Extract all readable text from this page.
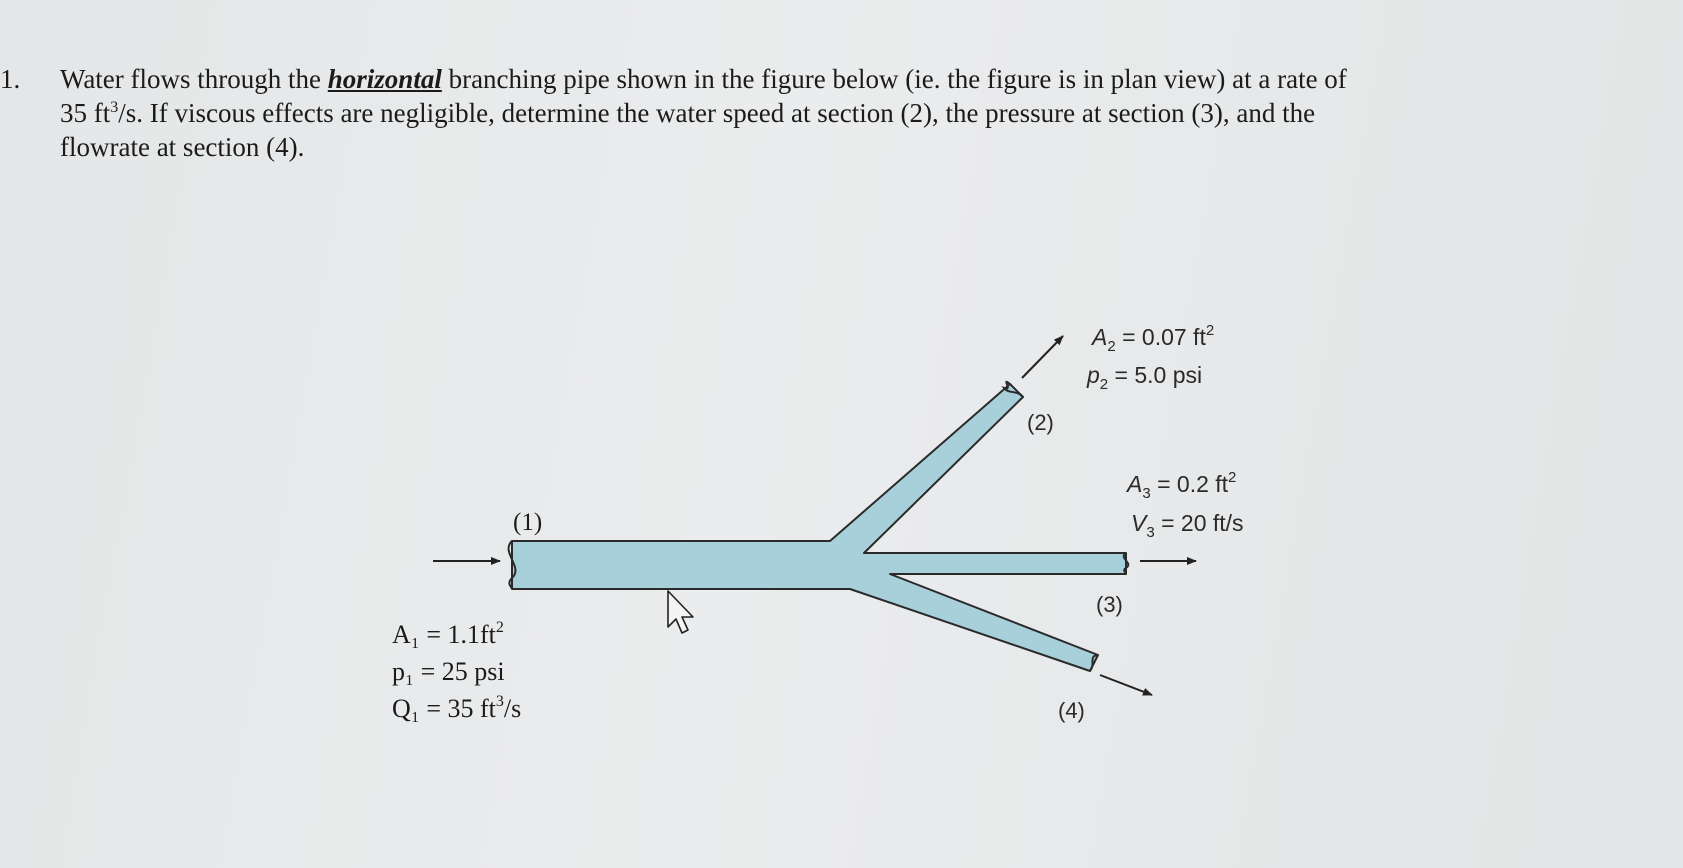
1. Water flows through the horizontal branching pipe shown in the figure below (ie. the figure is in plan view) at a rate of
35 $ft^3/s$. If viscous effects are negligible, determine the water speed at section (2), the pressure at section (3), and the
flowrate at section (4).
(1)
(2)
(3)
(4)
$A_2 = 0.07$ $ft^2$
$p_2 = 5.0$ psi
$A_3 = 0.2$ $ft^2$
$V_3 = 20$ ft/s
$A_1 = 1.1ft^2$
p₁ = 25 psi
Q₁ = 35 $ft^3/s$
